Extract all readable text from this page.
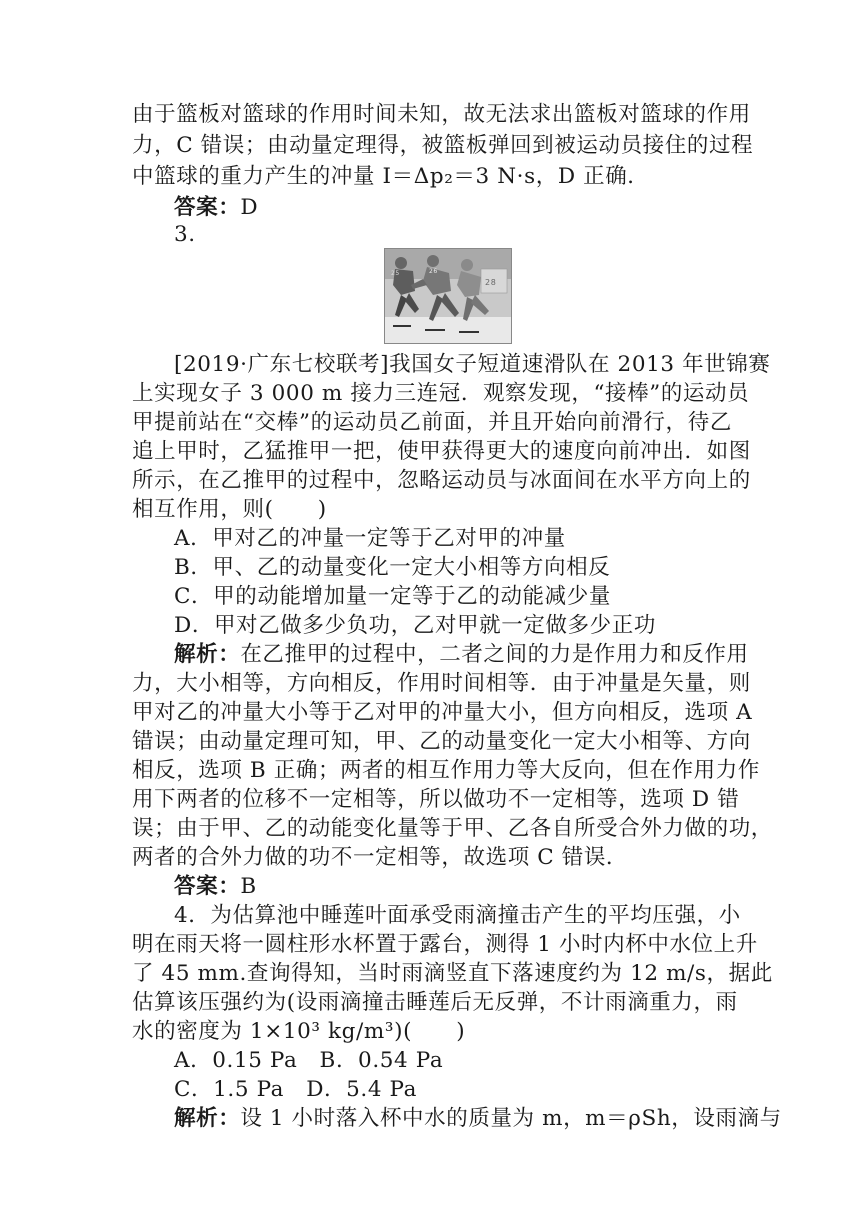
由于篮板对篮球的作用时间未知，故无法求出篮板对篮球的作用
力，C 错误；由动量定理得，被篮板弹回到被运动员接住的过程
中篮球的重力产生的冲量 I＝Δp₂＝3 N·s，D 正确．
答案：D
3.
28
25	26
[2019·广东七校联考]我国女子短道速滑队在 2013 年世锦赛
上实现女子 3 000 m 接力三连冠．观察发现，“接棒”的运动员
甲提前站在“交棒”的运动员乙前面，并且开始向前滑行，待乙
追上甲时，乙猛推甲一把，使甲获得更大的速度向前冲出．如图
所示，在乙推甲的过程中，忽略运动员与冰面间在水平方向上的
相互作用，则(　　)
A．甲对乙的冲量一定等于乙对甲的冲量
B．甲、乙的动量变化一定大小相等方向相反
C．甲的动能增加量一定等于乙的动能减少量
D．甲对乙做多少负功，乙对甲就一定做多少正功
解析：在乙推甲的过程中，二者之间的力是作用力和反作用
力，大小相等，方向相反，作用时间相等．由于冲量是矢量，则
甲对乙的冲量大小等于乙对甲的冲量大小，但方向相反，选项 A
错误；由动量定理可知，甲、乙的动量变化一定大小相等、方向
相反，选项 B 正确；两者的相互作用力等大反向，但在作用力作
用下两者的位移不一定相等，所以做功不一定相等，选项 D 错
误；由于甲、乙的动能变化量等于甲、乙各自所受合外力做的功，
两者的合外力做的功不一定相等，故选项 C 错误．
答案：B
4．为估算池中睡莲叶面承受雨滴撞击产生的平均压强，小
明在雨天将一圆柱形水杯置于露台，测得 1 小时内杯中水位上升
了 45 mm.查询得知，当时雨滴竖直下落速度约为 12 m/s，据此
估算该压强约为(设雨滴撞击睡莲后无反弹，不计雨滴重力，雨
水的密度为 1×10³ kg/m³)(　　)
A．0.15 Pa　B．0.54 Pa
C．1.5 Pa　D．5.4 Pa
解析：设 1 小时落入杯中水的质量为 m，m＝ρSh，设雨滴与
